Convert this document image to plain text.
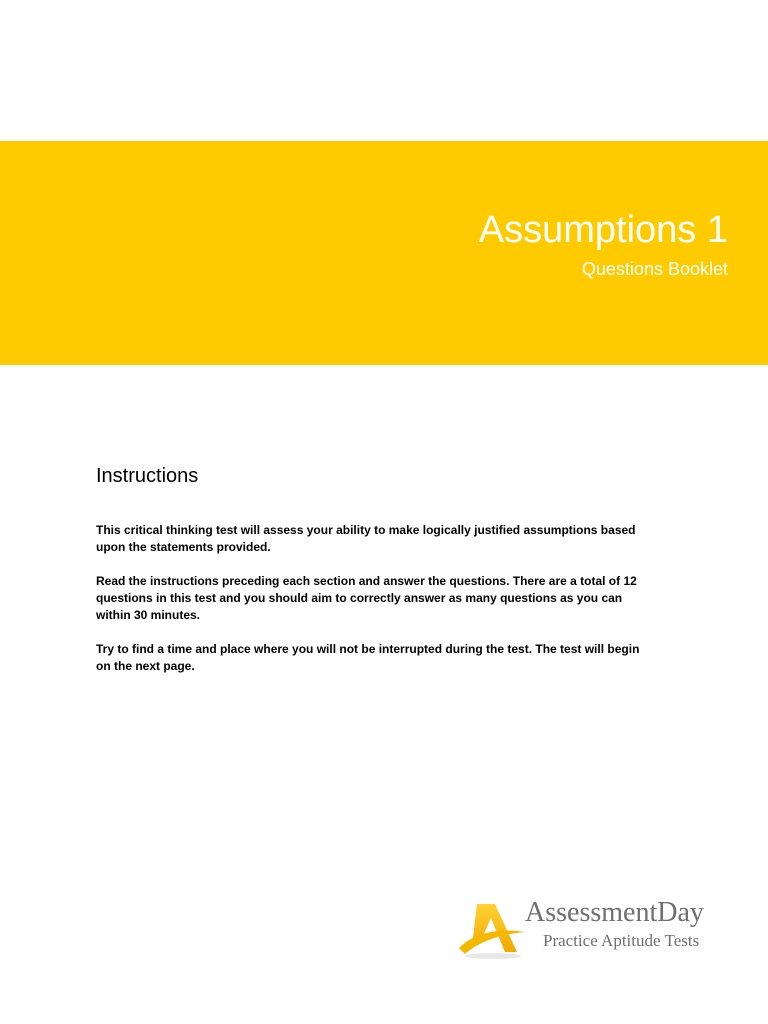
Assumptions 1
Questions Booklet
Instructions

This critical thinking test will assess your ability to make logically justified assumptions based upon the statements provided.

Read the instructions preceding each section and answer the questions. There are a total of 12 questions in this test and you should aim to correctly answer as many questions as you can within 30 minutes.

Try to find a time and place where you will not be interrupted during the test. The test will begin on the next page.

AssessmentDay
Practice Aptitude Tests
